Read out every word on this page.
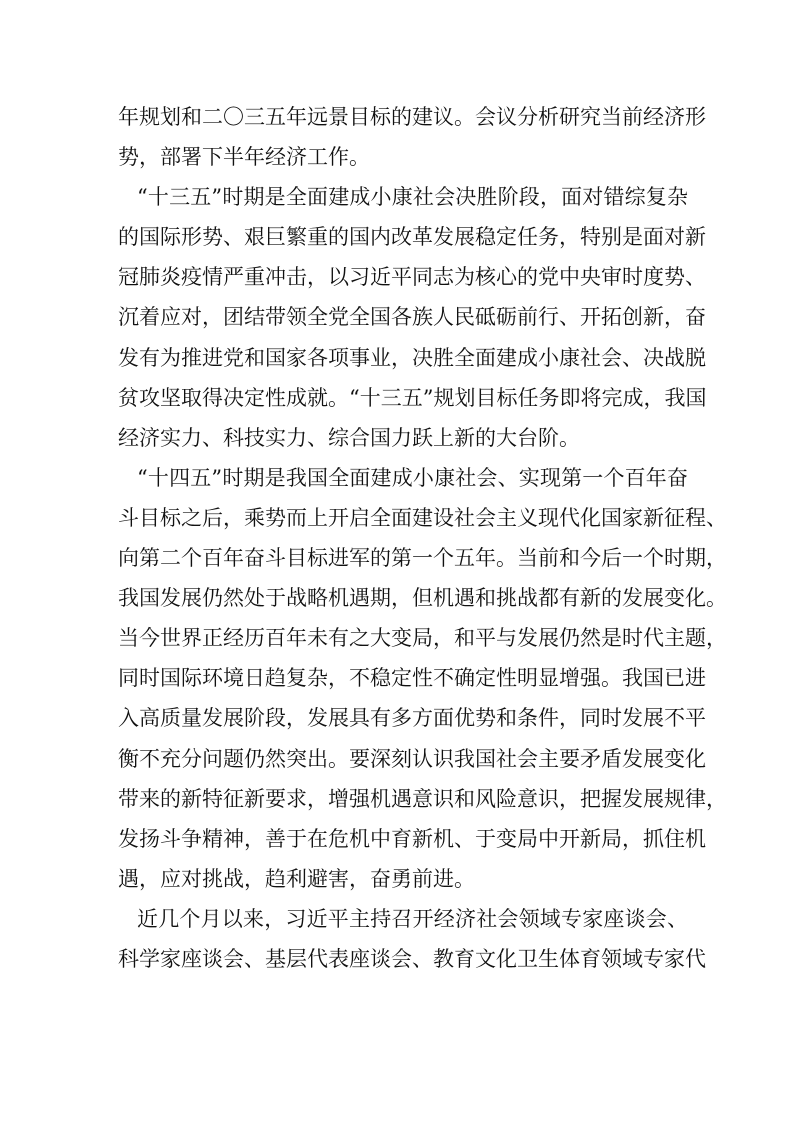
年规划和二〇三五年远景目标的建议。会议分析研究当前经济形
势，部署下半年经济工作。
“十三五”时期是全面建成小康社会决胜阶段，面对错综复杂
的国际形势、艰巨繁重的国内改革发展稳定任务，特别是面对新
冠肺炎疫情严重冲击，以习近平同志为核心的党中央审时度势、
沉着应对，团结带领全党全国各族人民砥砺前行、开拓创新，奋
发有为推进党和国家各项事业，决胜全面建成小康社会、决战脱
贫攻坚取得决定性成就。“十三五”规划目标任务即将完成，我国
经济实力、科技实力、综合国力跃上新的大台阶。
“十四五”时期是我国全面建成小康社会、实现第一个百年奋
斗目标之后，乘势而上开启全面建设社会主义现代化国家新征程、
向第二个百年奋斗目标进军的第一个五年。当前和今后一个时期，
我国发展仍然处于战略机遇期，但机遇和挑战都有新的发展变化。
当今世界正经历百年未有之大变局，和平与发展仍然是时代主题，
同时国际环境日趋复杂，不稳定性不确定性明显增强。我国已进
入高质量发展阶段，发展具有多方面优势和条件，同时发展不平
衡不充分问题仍然突出。要深刻认识我国社会主要矛盾发展变化
带来的新特征新要求，增强机遇意识和风险意识，把握发展规律，
发扬斗争精神，善于在危机中育新机、于变局中开新局，抓住机
遇，应对挑战，趋利避害，奋勇前进。
近几个月以来，习近平主持召开经济社会领域专家座谈会、
科学家座谈会、基层代表座谈会、教育文化卫生体育领域专家代
